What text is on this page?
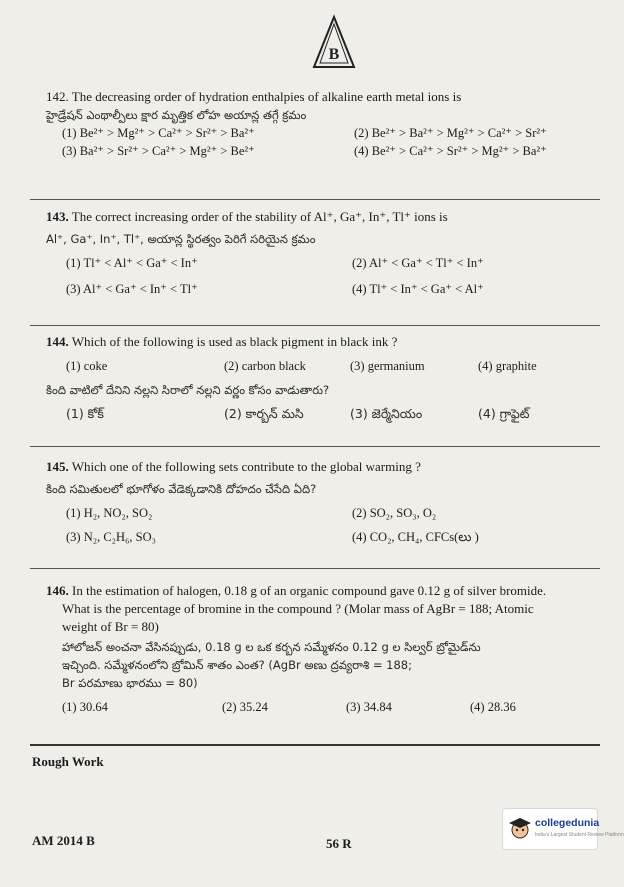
B
142. The decreasing order of hydration enthalpies of alkaline earth metal ions is
హైడ్రేషన్ ఎంథాల్పీలు క్షార మృత్తిక లోహ అయాన్ల తగ్గే క్రమం
(1) Be²⁺ > Mg²⁺ > Ca²⁺ > Sr²⁺ > Ba²⁺	(2) Be²⁺ > Ba²⁺ > Mg²⁺ > Ca²⁺ > Sr²⁺
(3) Ba²⁺ > Sr²⁺ > Ca²⁺ > Mg²⁺ > Be²⁺	(4) Be²⁺ > Ca²⁺ > Sr²⁺ > Mg²⁺ > Ba²⁺
143. The correct increasing order of the stability of Al⁺, Ga⁺, In⁺, Tl⁺ ions is
Al⁺, Ga⁺, In⁺, Tl⁺, అయాన్ల స్థిరత్వం పెరిగే సరియైన క్రమం
(1) Tl⁺ < Al⁺ < Ga⁺ < In⁺	(2) Al⁺ < Ga⁺ < Tl⁺ < In⁺
(3) Al⁺ < Ga⁺ < In⁺ < Tl⁺	(4) Tl⁺ < In⁺ < Ga⁺ < Al⁺
144. Which of the following is used as black pigment in black ink ?
(1) coke	(2) carbon black	(3) germanium	(4) graphite
కింది వాటిలో దేనిని నల్లని సిరాలో నల్లని వర్ణం కోసం వాడుతారు?
(1) కోక్	(2) కార్బన్ మసి	(3) జెర్మేనియం	(4) గ్రాఫైట్
145. Which one of the following sets contribute to the global warming ?
కింది సమితులలో భూగోళం వేడెక్కడానికి దోహదం చేసేది ఏది?
(1) H₂, NO₂, SO₂	(2) SO₂, SO₃, O₂
(3) N₂, C₂H₆, SO₃	(4) CO₂, CH₄, CFCs(లు )
146. In the estimation of halogen, 0.18 g of an organic compound gave 0.12 g of silver bromide.
What is the percentage of bromine in the compound ? (Molar mass of AgBr = 188; Atomic
weight of Br = 80)
హాలోజన్ అంచనా వేసినప్పుడు, 0.18 g ల ఒక కర్బన సమ్మేళనం 0.12 g ల సిల్వర్ బ్రోమైడ్‌ను
ఇచ్చింది. సమ్మేళనంలోని బ్రోమిన్ శాతం ఎంత? (AgBr అణు ద్రవ్యరాశి = 188;
Br పరమాణు భారము = 80)
(1) 30.64	(2) 35.24	(3) 34.84	(4) 28.36
Rough Work
AM 2014 B	56 R
collegedunia
India's Largest Student Review Platform
